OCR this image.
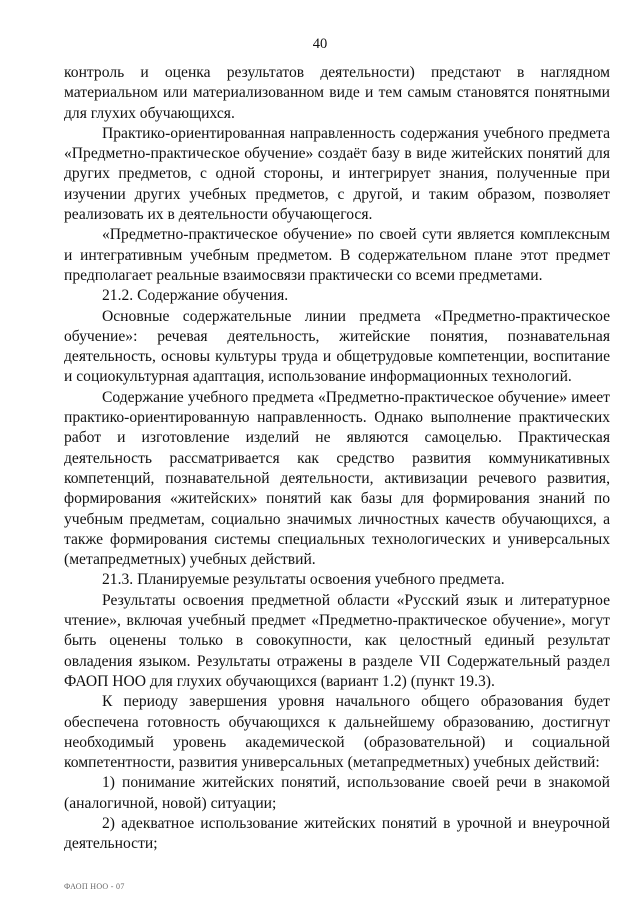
40

контроль и оценка результатов деятельности) предстают в наглядном материальном или материализованном виде и тем самым становятся понятными для глухих обучающихся.

Практико-ориентированная направленность содержания учебного предмета «Предметно-практическое обучение» создаёт базу в виде житейских понятий для других предметов, с одной стороны, и интегрирует знания, полученные при изучении других учебных предметов, с другой, и таким образом, позволяет реализовать их в деятельности обучающегося.

«Предметно-практическое обучение» по своей сути является комплексным и интегративным учебным предметом. В содержательном плане этот предмет предполагает реальные взаимосвязи практически со всеми предметами.

21.2. Содержание обучения.

Основные содержательные линии предмета «Предметно-практическое обучение»: речевая деятельность, житейские понятия, познавательная деятельность, основы культуры труда и общетрудовые компетенции, воспитание и социокультурная адаптация, использование информационных технологий.

Содержание учебного предмета «Предметно-практическое обучение» имеет практико-ориентированную направленность. Однако выполнение практических работ и изготовление изделий не являются самоцелью. Практическая деятельность рассматривается как средство развития коммуникативных компетенций, познавательной деятельности, активизации речевого развития, формирования «житейских» понятий как базы для формирования знаний по учебным предметам, социально значимых личностных качеств обучающихся, а также формирования системы специальных технологических и универсальных (метапредметных) учебных действий.

21.3. Планируемые результаты освоения учебного предмета.

Результаты освоения предметной области «Русский язык и литературное чтение», включая учебный предмет «Предметно-практическое обучение», могут быть оценены только в совокупности, как целостный единый результат овладения языком. Результаты отражены в разделе VII Содержательный раздел ФАОП НОО для глухих обучающихся (вариант 1.2) (пункт 19.3).

К периоду завершения уровня начального общего образования будет обеспечена готовность обучающихся к дальнейшему образованию, достигнут необходимый уровень академической (образовательной) и социальной компетентности, развития универсальных (метапредметных) учебных действий:

1) понимание житейских понятий, использование своей речи в знакомой (аналогичной, новой) ситуации;

2) адекватное использование житейских понятий в урочной и внеурочной деятельности;

ФАОП НОО - 07
